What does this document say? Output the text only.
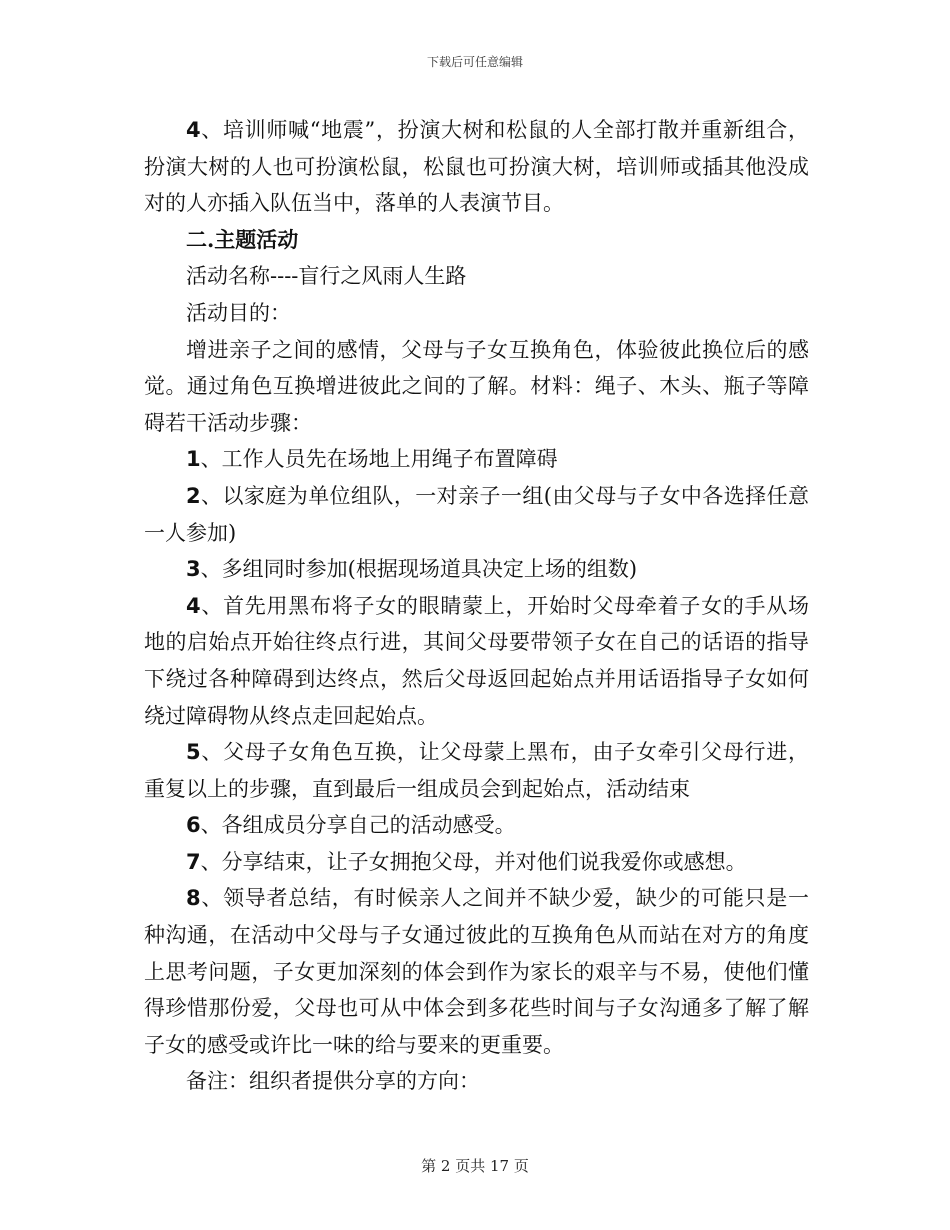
下载后可任意编辑

4、培训师喊“地震”，扮演大树和松鼠的人全部打散并重新组合，扮演大树的人也可扮演松鼠，松鼠也可扮演大树，培训师或插其他没成对的人亦插入队伍当中，落单的人表演节目。

二.主题活动

活动名称----盲行之风雨人生路

活动目的：

增进亲子之间的感情，父母与子女互换角色，体验彼此换位后的感觉。通过角色互换增进彼此之间的了解。材料：绳子、木头、瓶子等障碍若干活动步骤：

1、工作人员先在场地上用绳子布置障碍

2、以家庭为单位组队，一对亲子一组(由父母与子女中各选择任意一人参加)

3、多组同时参加(根据现场道具决定上场的组数)

4、首先用黑布将子女的眼睛蒙上，开始时父母牵着子女的手从场地的启始点开始往终点行进，其间父母要带领子女在自己的话语的指导下绕过各种障碍到达终点，然后父母返回起始点并用话语指导子女如何绕过障碍物从终点走回起始点。

5、父母子女角色互换，让父母蒙上黑布，由子女牵引父母行进，重复以上的步骤，直到最后一组成员会到起始点，活动结束

6、各组成员分享自己的活动感受。

7、分享结束，让子女拥抱父母，并对他们说我爱你或感想。

8、领导者总结，有时候亲人之间并不缺少爱，缺少的可能只是一种沟通，在活动中父母与子女通过彼此的互换角色从而站在对方的角度上思考问题，子女更加深刻的体会到作为家长的艰辛与不易，使他们懂得珍惜那份爱，父母也可从中体会到多花些时间与子女沟通多了解了解子女的感受或许比一味的给与要来的更重要。

备注：组织者提供分享的方向：

第 2 页共 17 页
